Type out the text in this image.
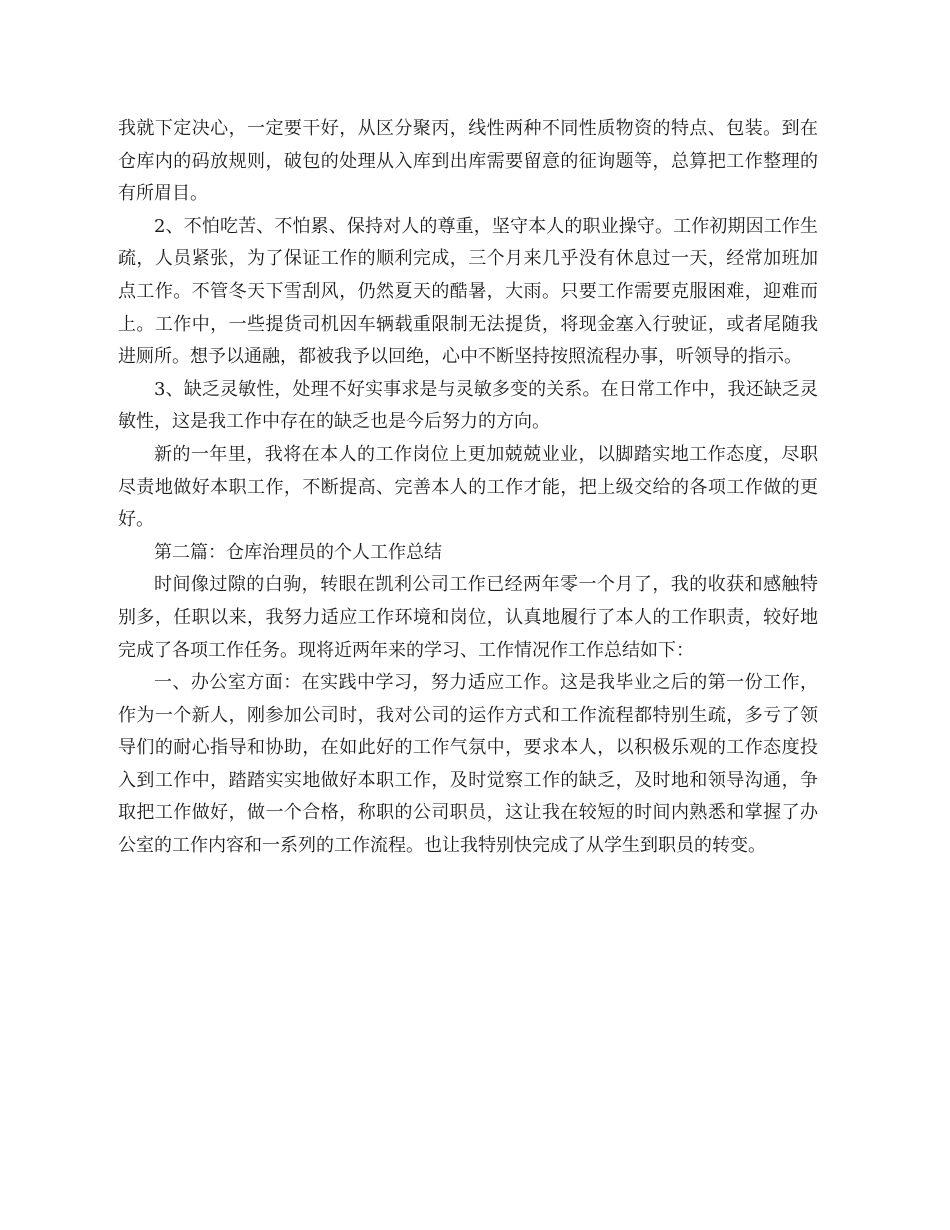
我就下定决心，一定要干好，从区分聚丙，线性两种不同性质物资的特点、包装。到在仓库内的码放规则，破包的处理从入库到出库需要留意的征询题等，总算把工作整理的有所眉目。

2、不怕吃苦、不怕累、保持对人的尊重，坚守本人的职业操守。工作初期因工作生疏，人员紧张，为了保证工作的顺利完成，三个月来几乎没有休息过一天，经常加班加点工作。不管冬天下雪刮风，仍然夏天的酷暑，大雨。只要工作需要克服困难，迎难而上。工作中，一些提货司机因车辆载重限制无法提货，将现金塞入行驶证，或者尾随我进厕所。想予以通融，都被我予以回绝，心中不断坚持按照流程办事，听领导的指示。

3、缺乏灵敏性，处理不好实事求是与灵敏多变的关系。在日常工作中，我还缺乏灵敏性，这是我工作中存在的缺乏也是今后努力的方向。

新的一年里，我将在本人的工作岗位上更加兢兢业业，以脚踏实地工作态度，尽职尽责地做好本职工作，不断提高、完善本人的工作才能，把上级交给的各项工作做的更好。

第二篇：仓库治理员的个人工作总结

时间像过隙的白驹，转眼在凯利公司工作已经两年零一个月了，我的收获和感触特别多，任职以来，我努力适应工作环境和岗位，认真地履行了本人的工作职责，较好地完成了各项工作任务。现将近两年来的学习、工作情况作工作总结如下：

一、办公室方面：在实践中学习，努力适应工作。这是我毕业之后的第一份工作，作为一个新人，刚参加公司时，我对公司的运作方式和工作流程都特别生疏，多亏了领导们的耐心指导和协助，在如此好的工作气氛中，要求本人，以积极乐观的工作态度投入到工作中，踏踏实实地做好本职工作，及时觉察工作的缺乏，及时地和领导沟通，争取把工作做好，做一个合格，称职的公司职员，这让我在较短的时间内熟悉和掌握了办公室的工作内容和一系列的工作流程。也让我特别快完成了从学生到职员的转变。
